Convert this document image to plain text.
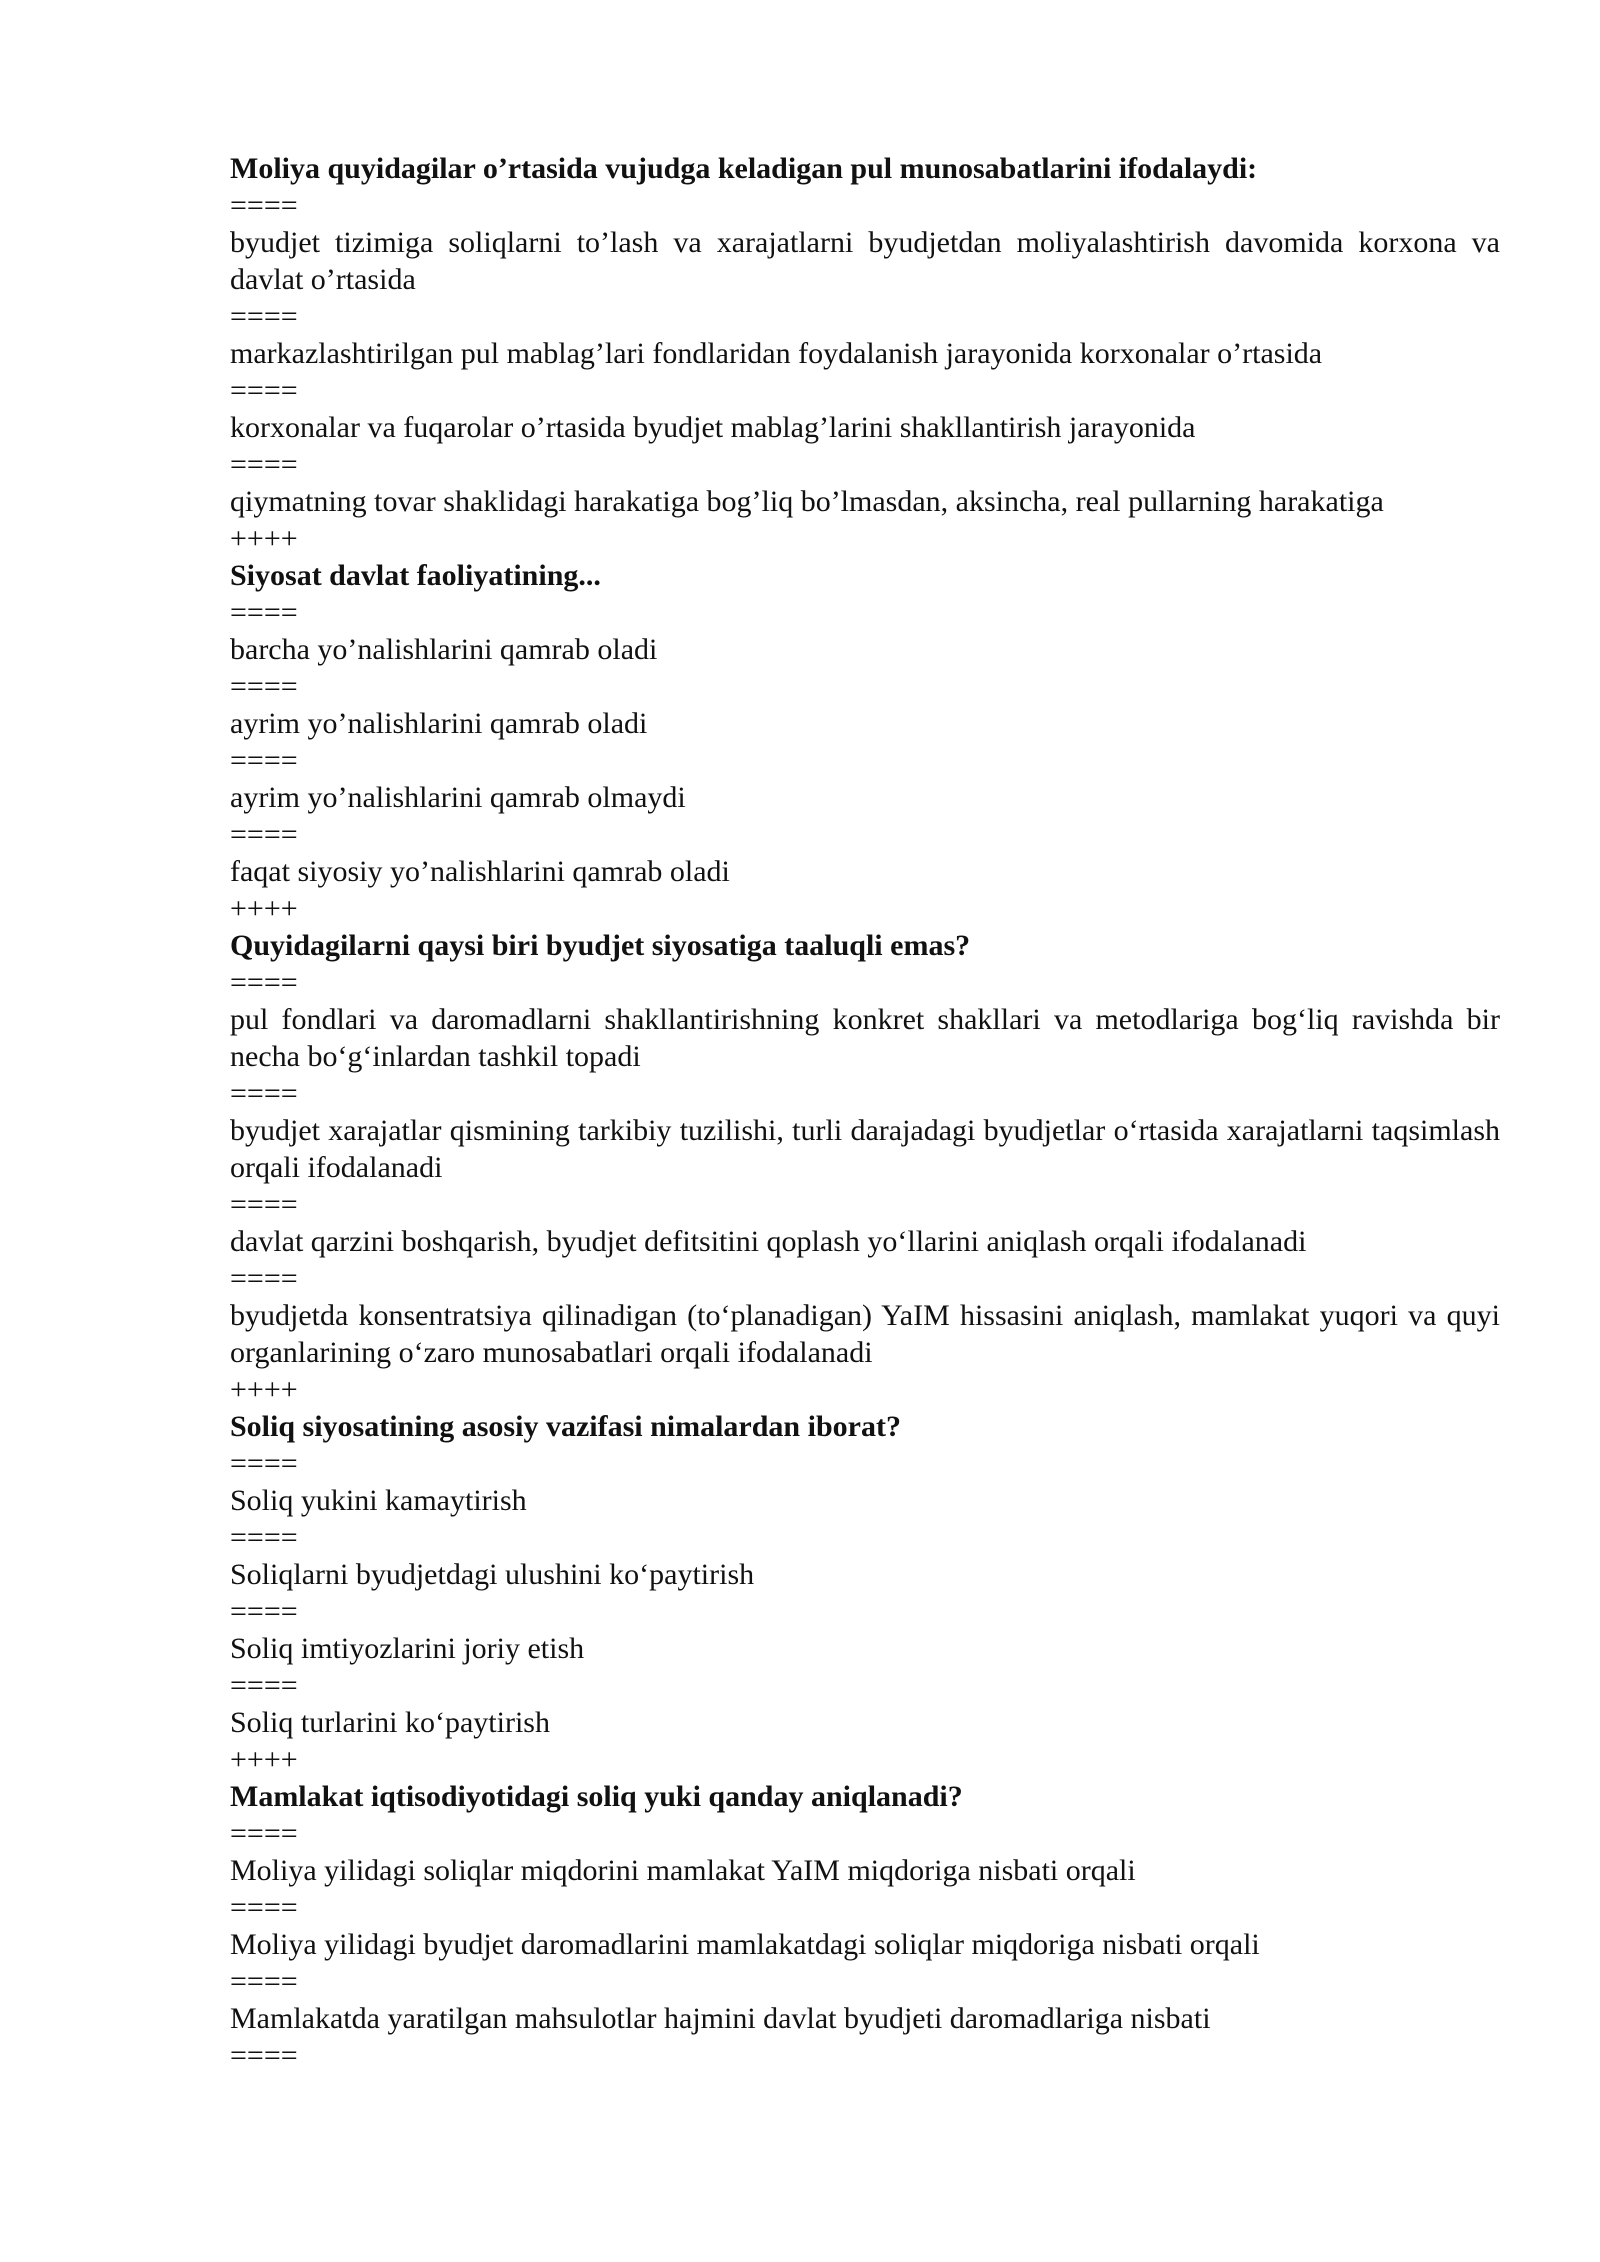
Moliya quyidagilar o’rtasida vujudga keladigan pul munosabatlarini ifodalaydi:

====

byudjet tizimiga soliqlarni to’lash va xarajatlarni byudjetdan moliyalashtirish davomida korxona va davlat o’rtasida

====

markazlashtirilgan pul mablag’lari fondlaridan foydalanish jarayonida korxonalar o’rtasida

====

korxonalar va fuqarolar o’rtasida byudjet mablag’larini shakllantirish jarayonida

====

qiymatning tovar shaklidagi harakatiga bog’liq bo’lmasdan, aksincha, real pullarning harakatiga

++++

Siyosat davlat faoliyatining...

====

barcha yo’nalishlarini qamrab oladi

====

ayrim yo’nalishlarini qamrab oladi

====

ayrim yo’nalishlarini qamrab olmaydi

====

faqat siyosiy yo’nalishlarini qamrab oladi

++++

Quyidagilarni qaysi biri byudjet siyosatiga taaluqli emas?

====

pul fondlari va daromadlarni shakllantirishning konkret shakllari va metodlariga bog‘liq ravishda bir necha bo‘g‘inlardan tashkil topadi

====

byudjet xarajatlar qismining tarkibiy tuzilishi, turli darajadagi byudjetlar o‘rtasida xarajatlarni taqsimlash orqali ifodalanadi

====

davlat qarzini boshqarish, byudjet defitsitini qoplash yo‘llarini aniqlash orqali ifodalanadi

====

byudjetda konsentratsiya qilinadigan (to‘planadigan) YaIM hissasini aniqlash, mamlakat yuqori va quyi organlarining o‘zaro munosabatlari orqali ifodalanadi

++++

Soliq siyosatining asosiy vazifasi nimalardan iborat?

====

Soliq yukini kamaytirish

====

Soliqlarni byudjetdagi ulushini ko‘paytirish

====

Soliq imtiyozlarini joriy etish

====

Soliq turlarini ko‘paytirish

++++

Mamlakat iqtisodiyotidagi soliq yuki qanday aniqlanadi?

====

Moliya yilidagi soliqlar miqdorini mamlakat YaIM miqdoriga nisbati orqali

====

Moliya yilidagi byudjet daromadlarini mamlakatdagi soliqlar miqdoriga nisbati orqali

====

Mamlakatda yaratilgan mahsulotlar hajmini davlat byudjeti daromadlariga nisbati

====
